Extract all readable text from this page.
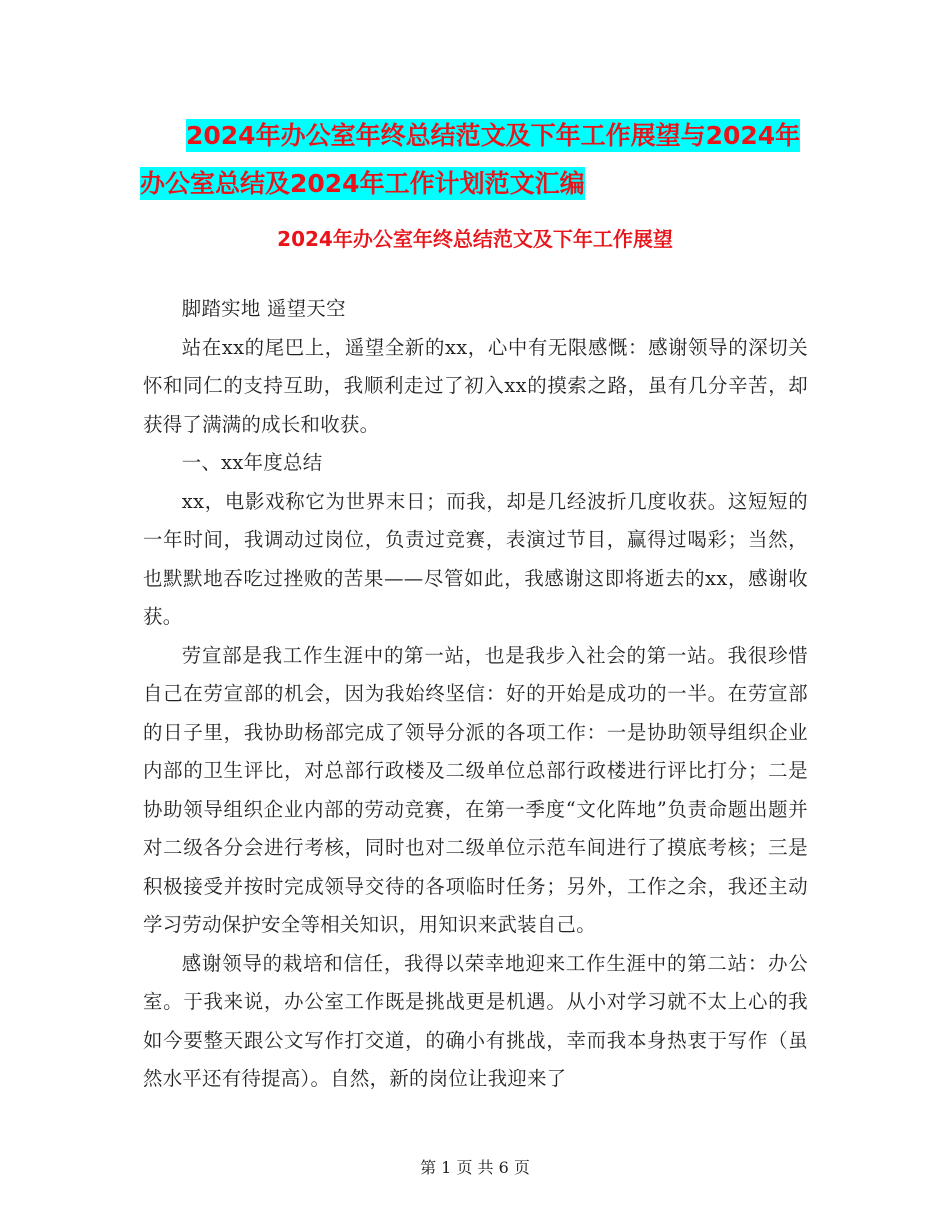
2024年办公室年终总结范文及下年工作展望与2024年
办公室总结及2024年工作计划范文汇编
2024年办公室年终总结范文及下年工作展望

脚踏实地 遥望天空

站在xx的尾巴上，遥望全新的xx，心中有无限感慨：感谢领导的深切关怀和同仁的支持互助，我顺利走过了初入xx的摸索之路，虽有几分辛苦，却获得了满满的成长和收获。

一、xx年度总结

xx，电影戏称它为世界末日；而我，却是几经波折几度收获。这短短的一年时间，我调动过岗位，负责过竞赛，表演过节目，赢得过喝彩；当然，也默默地吞吃过挫败的苦果——尽管如此，我感谢这即将逝去的xx，感谢收获。

劳宣部是我工作生涯中的第一站，也是我步入社会的第一站。我很珍惜自己在劳宣部的机会，因为我始终坚信：好的开始是成功的一半。在劳宣部的日子里，我协助杨部完成了领导分派的各项工作：一是协助领导组织企业内部的卫生评比，对总部行政楼及二级单位总部行政楼进行评比打分；二是协助领导组织企业内部的劳动竞赛，在第一季度“文化阵地”负责命题出题并对二级各分会进行考核，同时也对二级单位示范车间进行了摸底考核；三是积极接受并按时完成领导交待的各项临时任务；另外，工作之余，我还主动学习劳动保护安全等相关知识，用知识来武装自己。

感谢领导的栽培和信任，我得以荣幸地迎来工作生涯中的第二站：办公室。于我来说，办公室工作既是挑战更是机遇。从小对学习就不太上心的我如今要整天跟公文写作打交道，的确小有挑战，幸而我本身热衷于写作（虽然水平还有待提高）。自然，新的岗位让我迎来了

第 1 页 共 6 页
